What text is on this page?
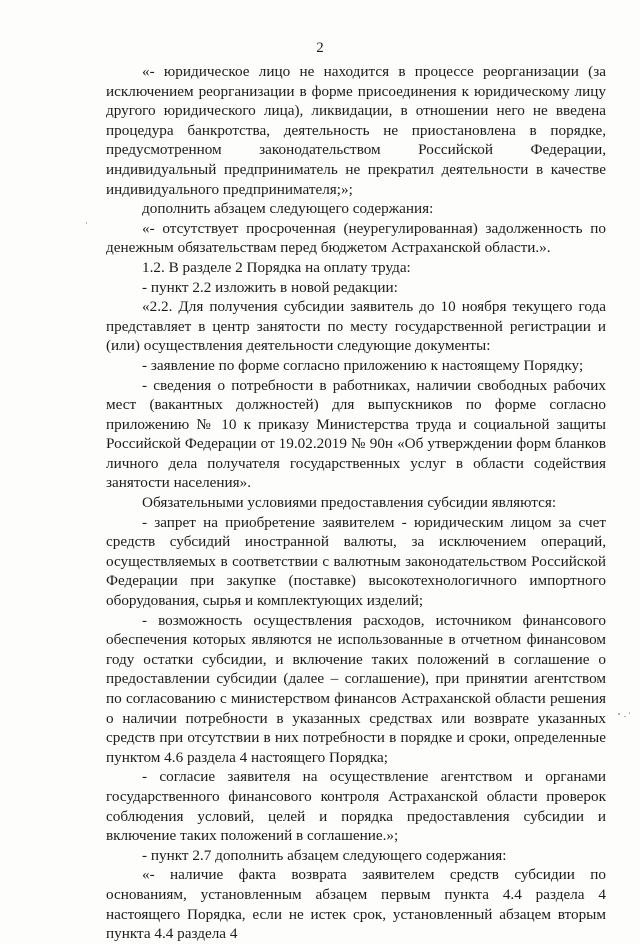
2

«- юридическое лицо не находится в процессе реорганизации (за исключением реорганизации в форме присоединения к юридическому лицу другого юридического лица), ликвидации, в отношении него не введена процедура банкротства, деятельность не приостановлена в порядке, предусмотренном законодательством Российской Федерации, индивидуальный предприниматель не прекратил деятельности в качестве индивидуального предпринимателя;»;

дополнить абзацем следующего содержания:

«- отсутствует просроченная (неурегулированная) задолженность по денежным обязательствам перед бюджетом Астраханской области.».

1.2. В разделе 2 Порядка на оплату труда:

- пункт 2.2 изложить в новой редакции:

«2.2. Для получения субсидии заявитель до 10 ноября текущего года представляет в центр занятости по месту государственной регистрации и (или) осуществления деятельности следующие документы:

- заявление по форме согласно приложению к настоящему Порядку;

- сведения о потребности в работниках, наличии свободных рабочих мест (вакантных должностей) для выпускников по форме согласно приложению № 10 к приказу Министерства труда и социальной защиты Российской Федерации от 19.02.2019 № 90н «Об утверждении форм бланков личного дела получателя государственных услуг в области содействия занятости населения».

Обязательными условиями предоставления субсидии являются:

- запрет на приобретение заявителем - юридическим лицом за счет средств субсидий иностранной валюты, за исключением операций, осуществляемых в соответствии с валютным законодательством Российской Федерации при закупке (поставке) высокотехнологичного импортного оборудования, сырья и комплектующих изделий;

- возможность осуществления расходов, источником финансового обеспечения которых являются не использованные в отчетном финансовом году остатки субсидии, и включение таких положений в соглашение о предоставлении субсидии (далее – соглашение), при принятии агентством по согласованию с министерством финансов Астраханской области решения о наличии потребности в указанных средствах или возврате указанных средств при отсутствии в них потребности в порядке и сроки, определенные пунктом 4.6 раздела 4 настоящего Порядка;

- согласие заявителя на осуществление агентством и органами государственного финансового контроля Астраханской области проверок соблюдения условий, целей и порядка предоставления субсидии и включение таких положений в соглашение.»;

- пункт 2.7 дополнить абзацем следующего содержания:

«- наличие факта возврата заявителем средств субсидии по основаниям, установленным абзацем первым пункта 4.4 раздела 4 настоящего Порядка, если не истек срок, установленный абзацем вторым пункта 4.4 раздела 4
